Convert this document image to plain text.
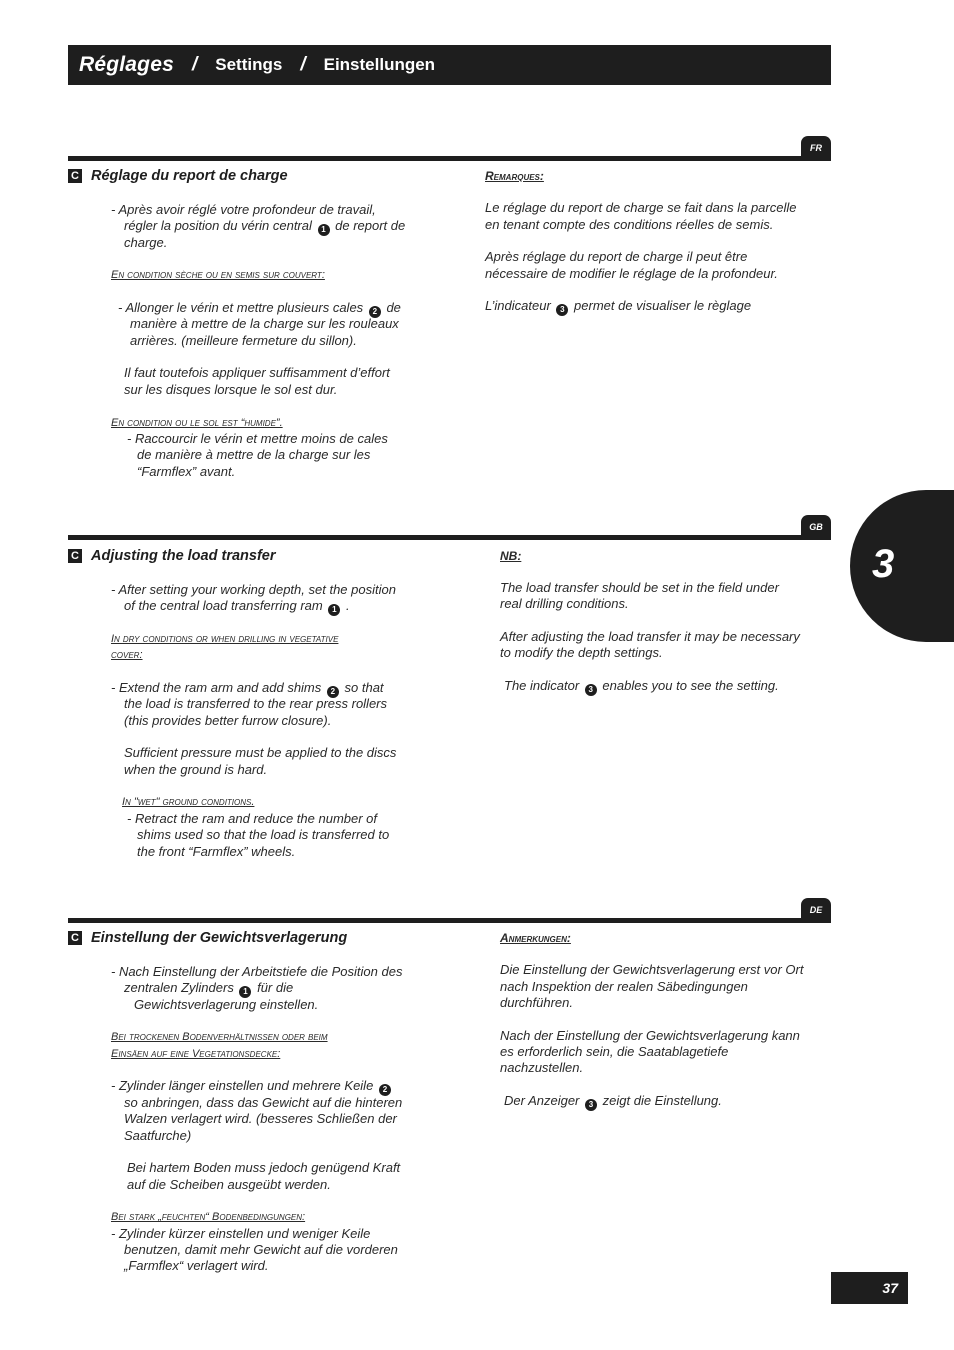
Réglages / Settings / Einstellungen
FR
C Réglage du report de charge

- Après avoir réglé votre profondeur de travail,

régler la position du vérin central 1 de report de

charge.

En condition sèche ou en semis sur couvert:

- Allonger le vérin et mettre plusieurs cales 2 de

manière à mettre de la charge sur les rouleaux

arrières. (meilleure fermeture du sillon).

Il faut toutefois appliquer suffisamment d’effort

sur les disques lorsque le sol est dur.

En condition ou le sol est “humide”.

- Raccourcir le vérin et mettre moins de cales

de manière à mettre de la charge sur les

“Farmflex” avant.

Remarques:

Le réglage du report de charge se fait dans la parcelle

en tenant compte des conditions réelles de semis.

Après réglage du report de charge il peut être

nécessaire de modifier le réglage de la profondeur.

L’indicateur 3 permet de visualiser le règlage

GB
C Adjusting the load transfer

- After setting your working depth, set the position

of the central load transferring ram 1 .

In dry conditions or when drilling in vegetative
cover:

- Extend the ram arm and add shims 2 so that

the load is transferred to the rear press rollers

(this provides better furrow closure).

Sufficient pressure must be applied to the discs

when the ground is hard.

In "wet" ground conditions.

- Retract the ram and reduce the number of

shims used so that the load is transferred to

the front “Farmflex” wheels.

NB:

The load transfer should be set in the field under

real drilling conditions.

After adjusting the load transfer it may be necessary

to modify the depth settings.

The indicator 3 enables you to see the setting.

DE
C Einstellung der Gewichtsverlagerung

- Nach Einstellung der Arbeitstiefe die Position des

zentralen Zylinders 1 für die

Gewichtsverlagerung einstellen.

Bei trockenen Bodenverhältnissen oder beim
Einsäen auf eine Vegetationsdecke:

- Zylinder länger einstellen und mehrere Keile 2

so anbringen, dass das Gewicht auf die hinteren

Walzen verlagert wird. (besseres Schließen der

Saatfurche)

Bei hartem Boden muss jedoch genügend Kraft

auf die Scheiben ausgeübt werden.

Bei stark „feuchten“ Bodenbedingungen:

- Zylinder kürzer einstellen und weniger Keile

benutzen, damit mehr Gewicht auf die vorderen

„Farmflex“ verlagert wird.

Anmerkungen:

Die Einstellung der Gewichtsverlagerung erst vor Ort

nach Inspektion der realen Säbedingungen

durchführen.

Nach der Einstellung der Gewichtsverlagerung kann

es erforderlich sein, die Saatablagetiefe

nachzustellen.

Der Anzeiger 3 zeigt die Einstellung.

3
37
